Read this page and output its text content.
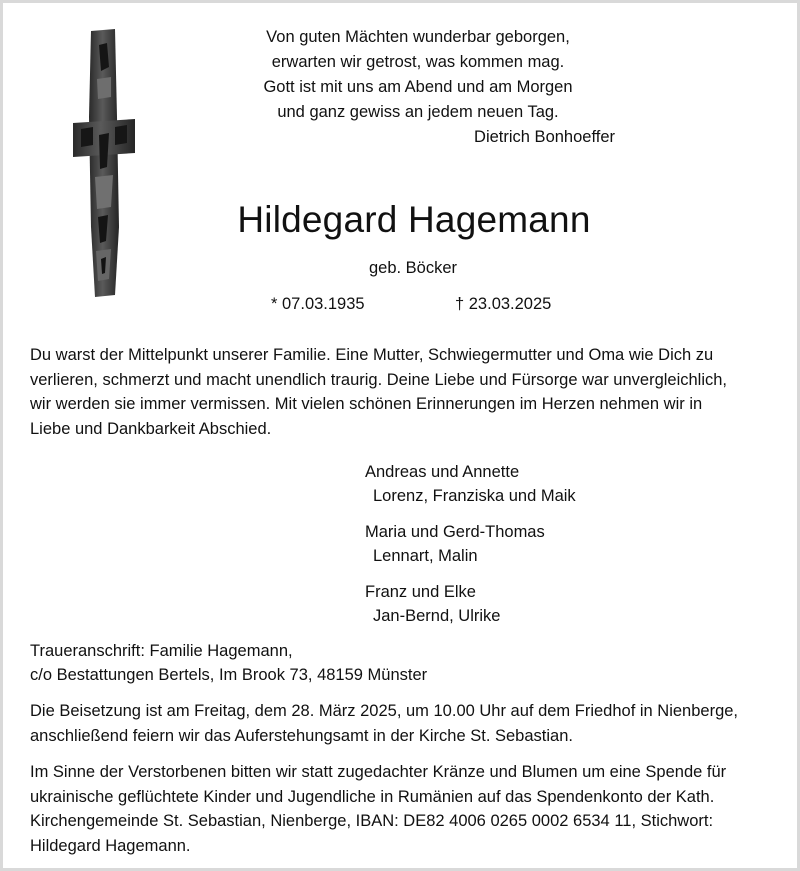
Von guten Mächten wunderbar geborgen,
erwarten wir getrost, was kommen mag.
Gott ist mit uns am Abend und am Morgen
und ganz gewiss an jedem neuen Tag.
Dietrich Bonhoeffer
Hildegard Hagemann
geb. Böcker
* 07.03.1935	† 23.03.2025
Du warst der Mittelpunkt unserer Familie. Eine Mutter, Schwiegermutter und Oma wie Dich zu verlieren, schmerzt und macht unendlich traurig. Deine Liebe und Fürsorge war unvergleichlich, wir werden sie immer vermissen. Mit vielen schönen Erinnerungen im Herzen nehmen wir in Liebe und Dankbarkeit Abschied.
Andreas und Annette
Lorenz, Franziska und Maik
Maria und Gerd-Thomas
Lennart, Malin
Franz und Elke
Jan-Bernd, Ulrike
Traueranschrift: Familie Hagemann,
c/o Bestattungen Bertels, Im Brook 73, 48159 Münster
Die Beisetzung ist am Freitag, dem 28. März 2025, um 10.00 Uhr auf dem Friedhof in Nienberge, anschließend feiern wir das Auferstehungsamt in der Kirche St. Sebastian.
Im Sinne der Verstorbenen bitten wir statt zugedachter Kränze und Blumen um eine Spende für ukrainische geflüchtete Kinder und Jugendliche in Rumänien auf das Spendenkonto der Kath. Kirchengemeinde St. Sebastian, Nienberge, IBAN: DE82 4006 0265 0002 6534 11, Stichwort: Hildegard Hagemann.
